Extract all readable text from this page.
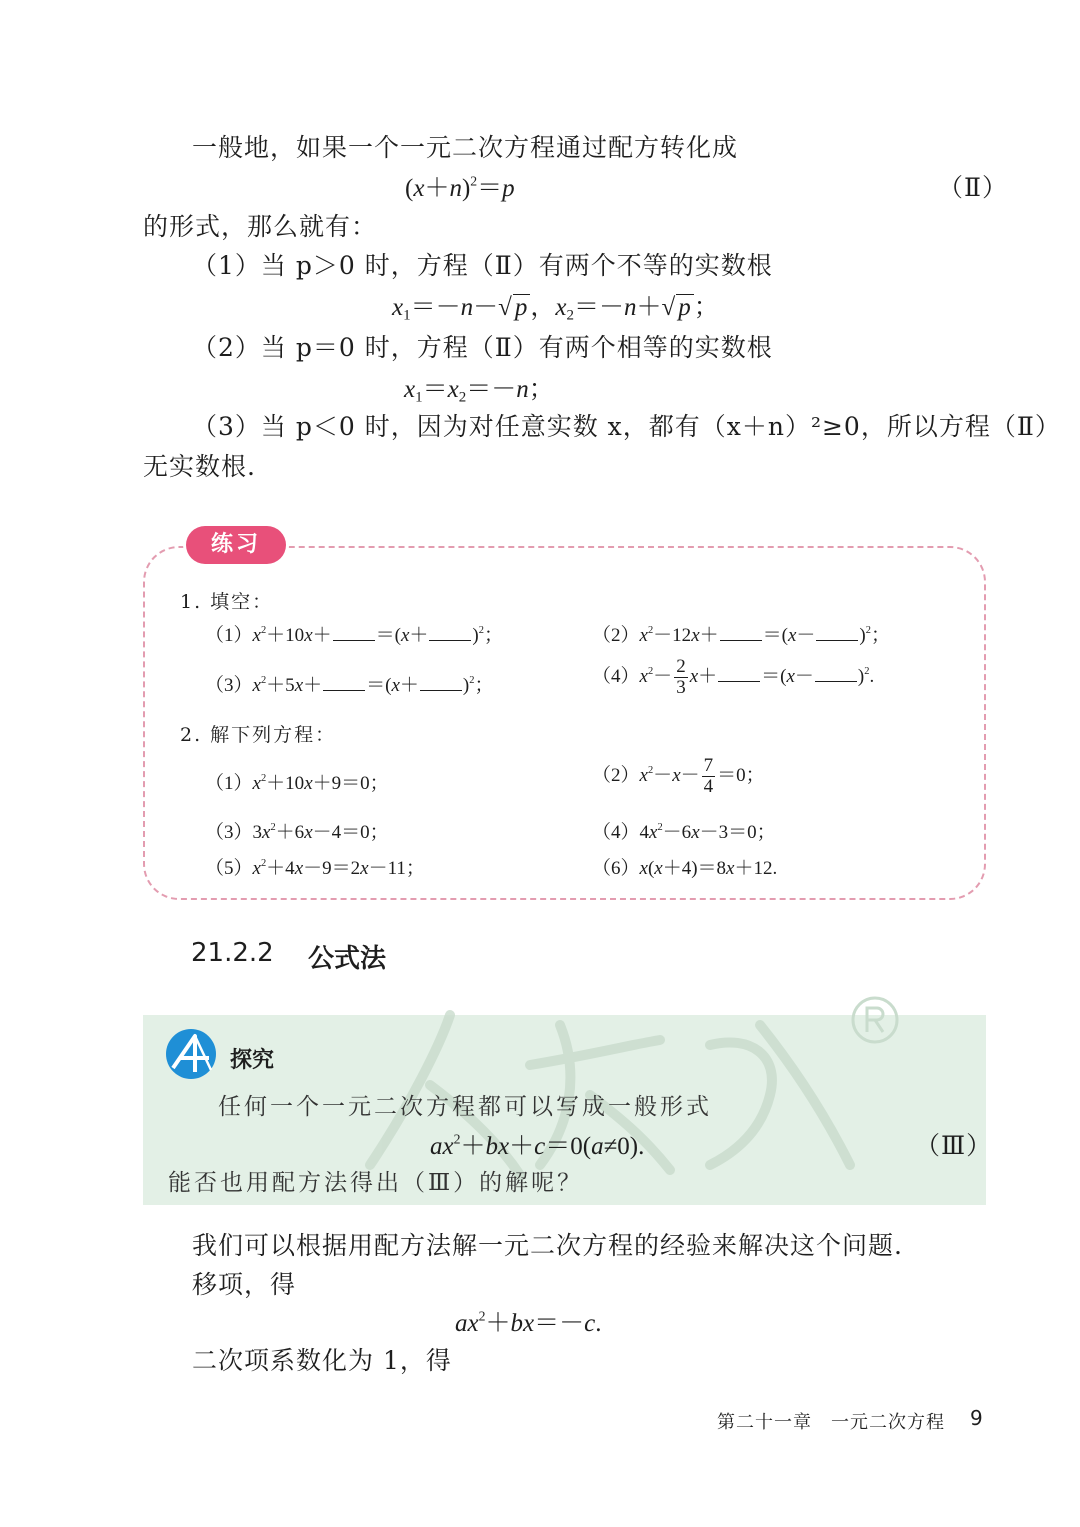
一般地，如果一个一元二次方程通过配方转化成
$(x+n)^2=p$	（Ⅱ）
的形式，那么就有：
（1）当 p＞0 时，方程（Ⅱ）有两个不等的实数根
$x_1=-n-√$ p ，$x_2=-n+√$ p ；
（2）当 p＝0 时，方程（Ⅱ）有两个相等的实数根
$x_1=x_2=-n$；
（3）当 p＜0 时，因为对任意实数 x，都有（x＋n）²≥0，所以方程（Ⅱ）
无实数根.
练习
1. 填空：
$(1)x^2+10x+ =(x+ )^2$；	$(2)x^2-12x+ =(x- )^2$；
$(3)x^2+5x+ =(x+ )^2$；	$(4)x^2- \frac{2}{3} x+ =(x- )^2$.
2. 解下列方程：
$(1)x^2+10x+9=0$；	$(2)x^2-x- \frac{7}{4} =0$；
$(3)3x^2+6x-4=0$；	$(4)4x^2-6x-3=0$；
$(5)x^2+4x-9=2x-11$；	（6）x(x＋4)＝8x＋12.
21.2.2 公式法
探究
任何一个一元二次方程都可以写成一般形式
$ax^2+bx+c=0(a\ne 0)$.	（Ⅲ）
能否也用配方法得出（Ⅲ）的解呢？
我们可以根据用配方法解一元二次方程的经验来解决这个问题.
移项，得
$ax^2+bx=-c$.
二次项系数化为 1，得
第二十一章　一元二次方程 9
